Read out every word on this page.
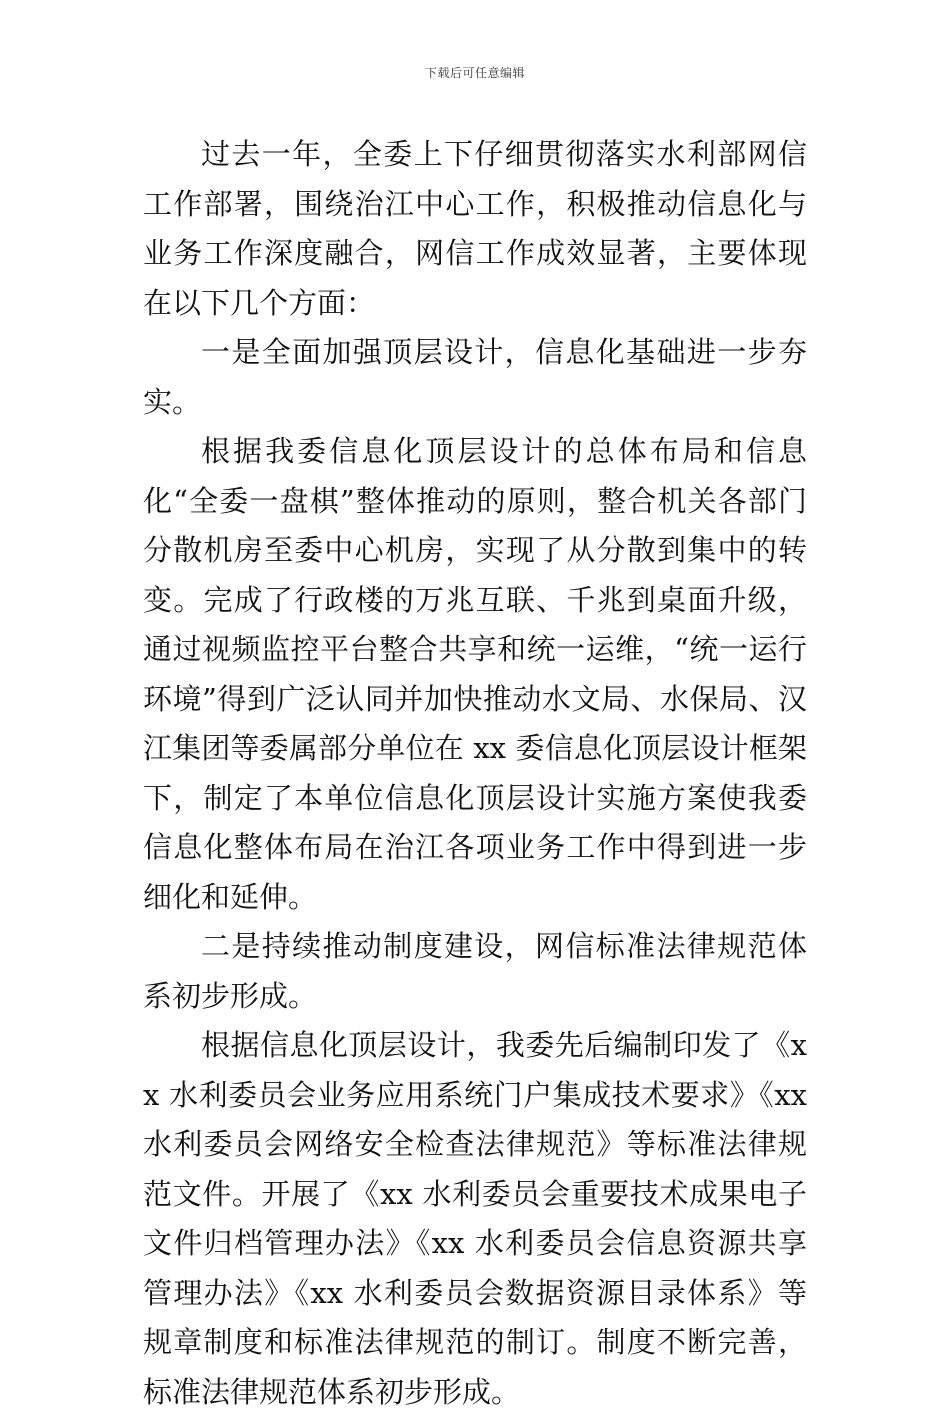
下载后可任意编辑

过去一年，全委上下仔细贯彻落实水利部网信工作部署，围绕治江中心工作，积极推动信息化与业务工作深度融合，网信工作成效显著，主要体现在以下几个方面：

一是全面加强顶层设计，信息化基础进一步夯实。

根据我委信息化顶层设计的总体布局和信息化“全委一盘棋”整体推动的原则，整合机关各部门分散机房至委中心机房，实现了从分散到集中的转变。完成了行政楼的万兆互联、千兆到桌面升级，通过视频监控平台整合共享和统一运维，“统一运行环境”得到广泛认同并加快推动水文局、水保局、汉江集团等委属部分单位在 xx 委信息化顶层设计框架下，制定了本单位信息化顶层设计实施方案使我委信息化整体布局在治江各项业务工作中得到进一步细化和延伸。

二是持续推动制度建设，网信标准法律规范体系初步形成。

根据信息化顶层设计，我委先后编制印发了《xx 水利委员会业务应用系统门户集成技术要求》《xx 水利委员会网络安全检查法律规范》等标准法律规范文件。开展了《xx 水利委员会重要技术成果电子文件归档管理办法》《xx 水利委员会信息资源共享管理办法》《xx 水利委员会数据资源目录体系》等规章制度和标准法律规范的制订。制度不断完善，标准法律规范体系初步形成。
